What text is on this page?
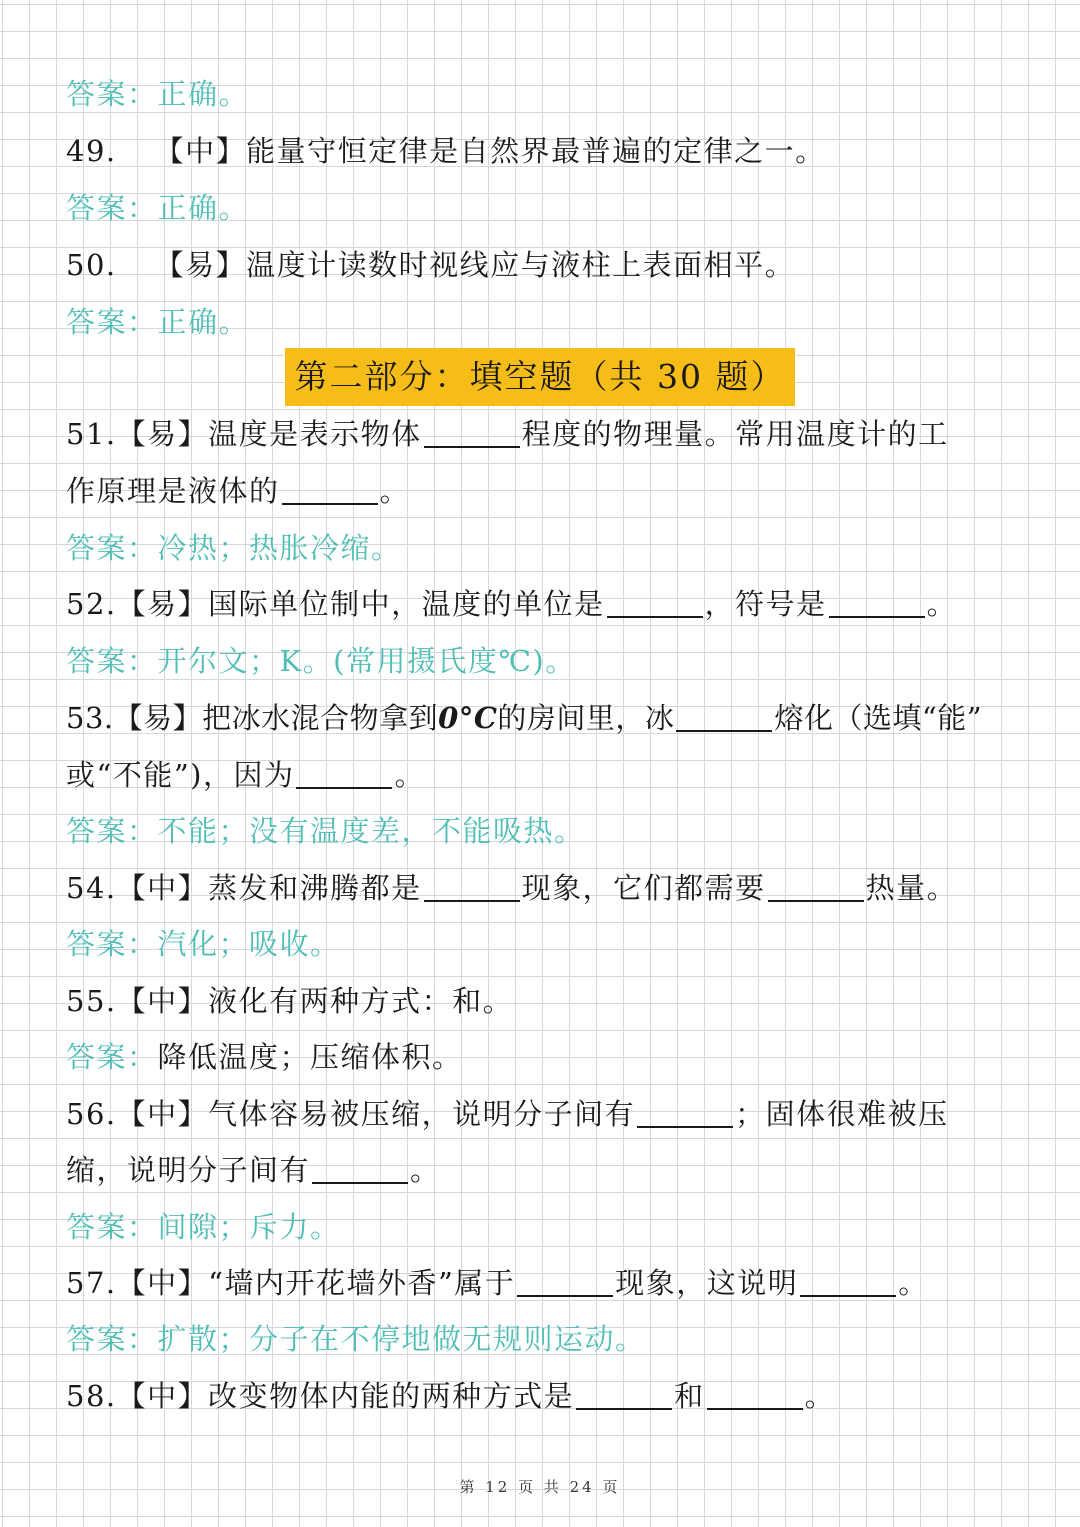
答案：正确。
49. 【中】能量守恒定律是自然界最普遍的定律之一。
答案：正确。
50. 【易】温度计读数时视线应与液柱上表面相平。
答案：正确。
第二部分：填空题（共 30 题）
51.【易】温度是表示物体	程度的物理量。常用温度计的工
作原理是液体的	。
答案：冷热；热胀冷缩。
52.【易】国际单位制中，温度的单位是	，符号是	。
答案：开尔文；K。(常用摄氏度℃)。
53.【易】把冰水混合物拿到0°C的房间里，冰	熔化（选填“能”
或“不能”)，因为	。
答案：不能；没有温度差，不能吸热。
54.【中】蒸发和沸腾都是	现象，它们都需要	热量。
答案：汽化；吸收。
55.【中】液化有两种方式：和。
答案：降低温度；压缩体积。
56.【中】气体容易被压缩，说明分子间有	；固体很难被压
缩，说明分子间有	。
答案：间隙；斥力。
57.【中】“墙内开花墙外香”属于	现象，这说明	。
答案：扩散；分子在不停地做无规则运动。
58.【中】改变物体内能的两种方式是	和	。
第 12 页 共 24 页
